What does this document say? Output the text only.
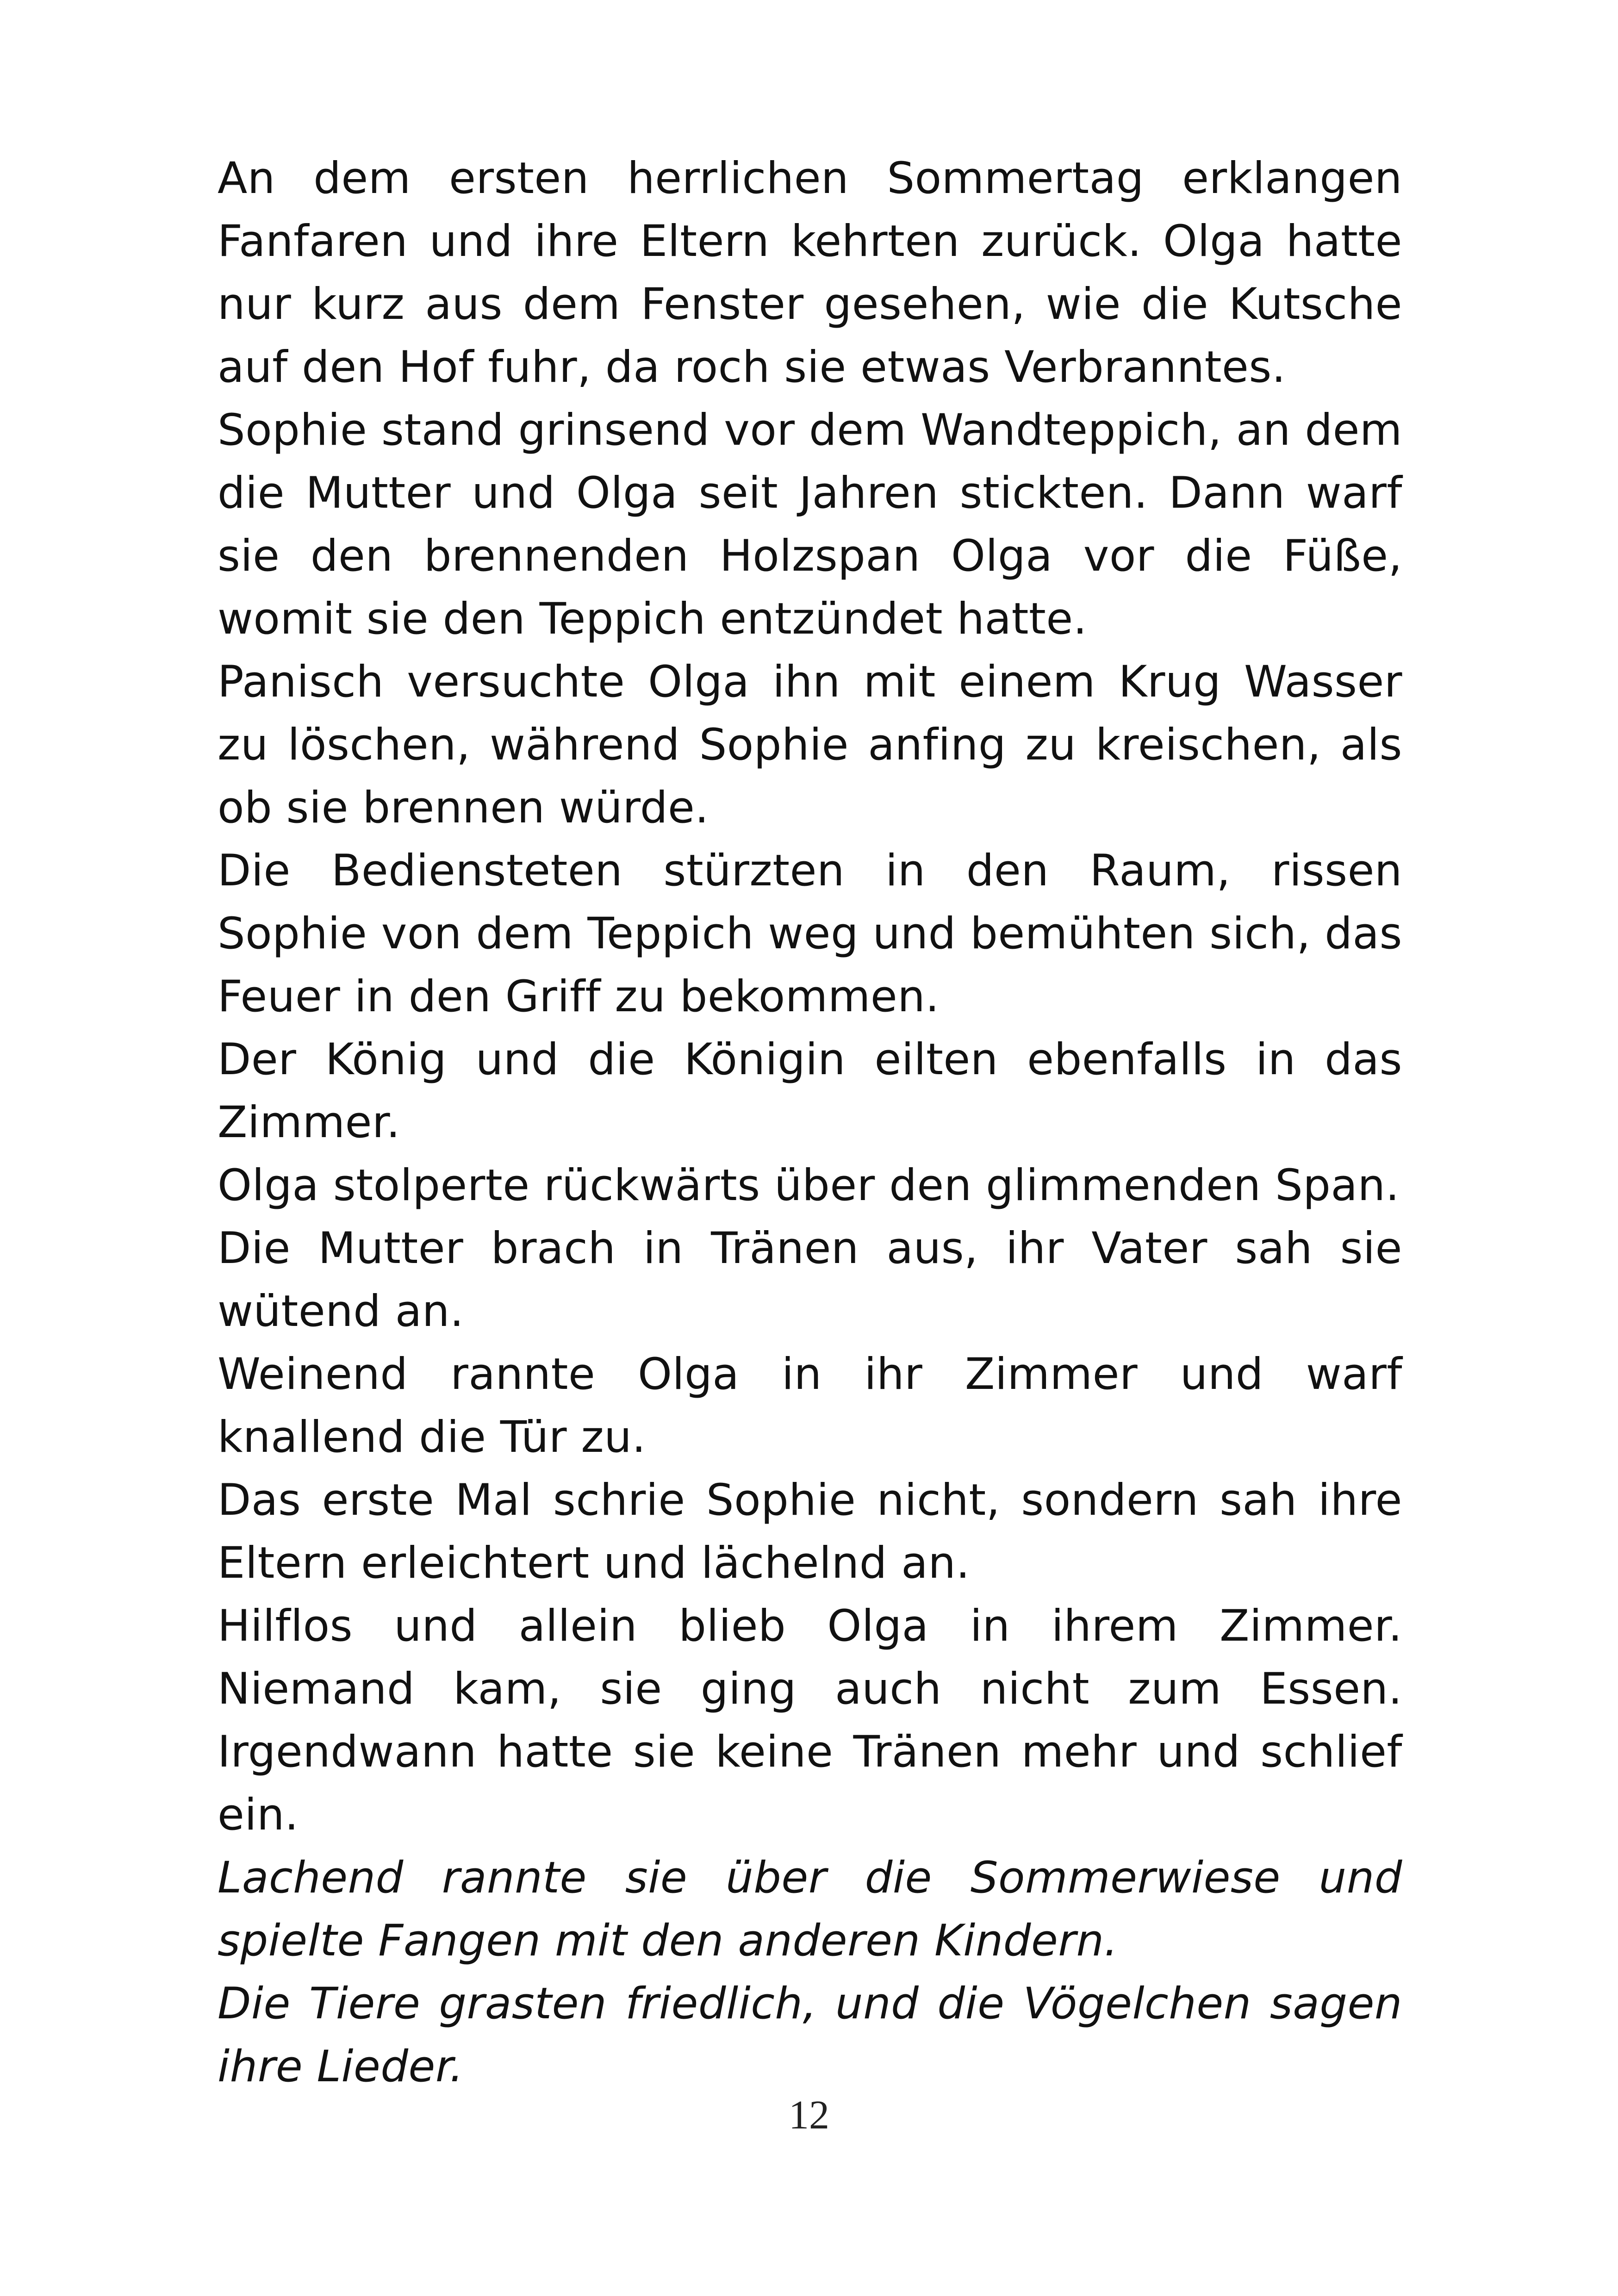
An dem ersten herrlichen Sommertag erklangen Fanfaren und ihre Eltern kehrten zurück. Olga hatte nur kurz aus dem Fenster gesehen, wie die Kutsche auf den Hof fuhr, da roch sie etwas Verbranntes.

Sophie stand grinsend vor dem Wandteppich, an dem die Mutter und Olga seit Jahren stickten. Dann warf sie den brennenden Holzspan Olga vor die Füße, womit sie den Teppich entzündet hatte.

Panisch versuchte Olga ihn mit einem Krug Wasser zu löschen, während Sophie anfing zu kreischen, als ob sie brennen würde.

Die Bediensteten stürzten in den Raum, rissen Sophie von dem Teppich weg und bemühten sich, das Feuer in den Griff zu bekommen.

Der König und die Königin eilten ebenfalls in das Zimmer.

Olga stolperte rückwärts über den glimmenden Span.

Die Mutter brach in Tränen aus, ihr Vater sah sie wütend an.

Weinend rannte Olga in ihr Zimmer und warf knallend die Tür zu.

Das erste Mal schrie Sophie nicht, sondern sah ihre Eltern erleichtert und lächelnd an.

Hilflos und allein blieb Olga in ihrem Zimmer. Niemand kam, sie ging auch nicht zum Essen. Irgendwann hatte sie keine Tränen mehr und schlief ein.

Lachend rannte sie über die Sommerwiese und spielte Fangen mit den anderen Kindern.

Die Tiere grasten friedlich, und die Vögelchen sagen ihre Lieder.

12
